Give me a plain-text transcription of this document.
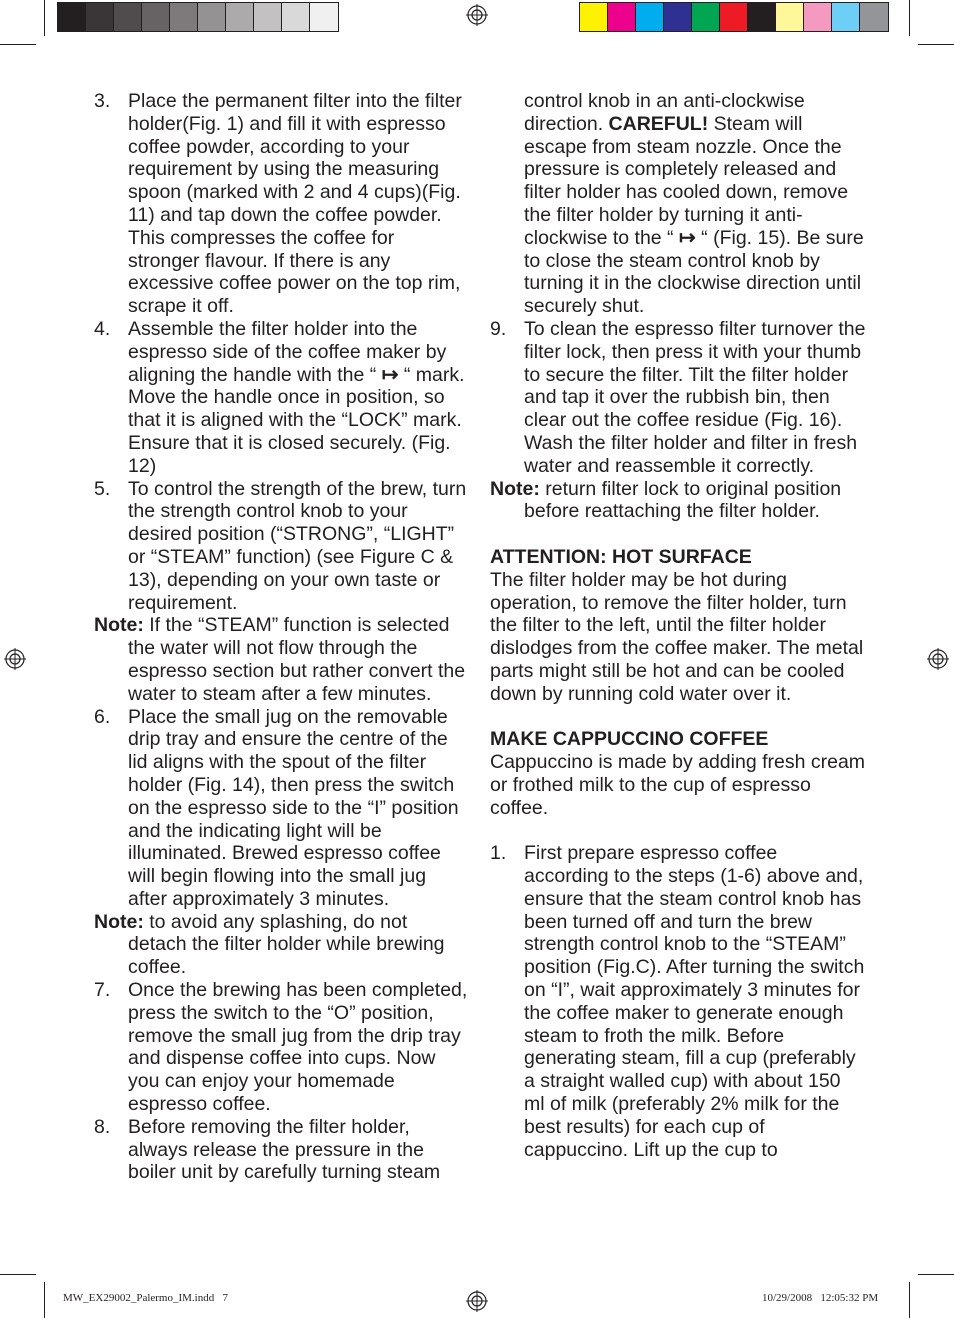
3. Place the permanent filter into the filter holder(Fig. 1) and fill it with espresso coffee powder, according to your requirement by using the measuring spoon (marked with 2 and 4 cups)(Fig. 11) and tap down the coffee powder. This compresses the coffee for stronger flavour. If there is any excessive coffee power on the top rim, scrape it off.
4. Assemble the filter holder into the espresso side of the coffee maker by aligning the handle with the “ ↦ “ mark. Move the handle once in position, so that it is aligned with the “LOCK” mark. Ensure that it is closed securely. (Fig. 12)
5. To control the strength of the brew, turn the strength control knob to your desired position (“STRONG”, “LIGHT” or “STEAM” function) (see Figure C & 13), depending on your own taste or requirement.
Note: If the “STEAM” function is selected the water will not flow through the espresso section but rather convert the water to steam after a few minutes.
6. Place the small jug on the removable drip tray and ensure the centre of the lid aligns with the spout of the filter holder (Fig. 14), then press the switch on the espresso side to the “I” position and the indicating light will be illuminated. Brewed espresso coffee will begin flowing into the small jug after approximately 3 minutes.
Note: to avoid any splashing, do not detach the filter holder while brewing coffee.
7. Once the brewing has been completed, press the switch to the “O” position, remove the small jug from the drip tray and dispense coffee into cups. Now you can enjoy your homemade espresso coffee.
8. Before removing the filter holder, always release the pressure in the boiler unit by carefully turning steam
control knob in an anti-clockwise direction. CAREFUL! Steam will escape from steam nozzle. Once the pressure is completely released and filter holder has cooled down, remove the filter holder by turning it anti-clockwise to the “ ↦ “ (Fig. 15). Be sure to close the steam control knob by turning it in the clockwise direction until securely shut.
9. To clean the espresso filter turnover the filter lock, then press it with your thumb to secure the filter. Tilt the filter holder and tap it over the rubbish bin, then clear out the coffee residue (Fig. 16). Wash the filter holder and filter in fresh water and reassemble it correctly.
Note: return filter lock to original position before reattaching the filter holder.
ATTENTION: HOT SURFACE
The filter holder may be hot during operation, to remove the filter holder, turn the filter to the left, until the filter holder dislodges from the coffee maker. The metal parts might still be hot and can be cooled down by running cold water over it.
MAKE CAPPUCCINO COFFEE
Cappuccino is made by adding fresh cream or frothed milk to the cup of espresso coffee.
1. First prepare espresso coffee according to the steps (1-6) above and, ensure that the steam control knob has been turned off and turn the brew strength control knob to the “STEAM” position (Fig.C). After turning the switch on “I”, wait approximately 3 minutes for the coffee maker to generate enough steam to froth the milk. Before generating steam, fill a cup (preferably a straight walled cup) with about 150 ml of milk (preferably 2% milk for the best results) for each cup of cappuccino. Lift up the cup to
MW_EX29002_Palermo_IM.indd   7	10/29/2008   12:05:32 PM
